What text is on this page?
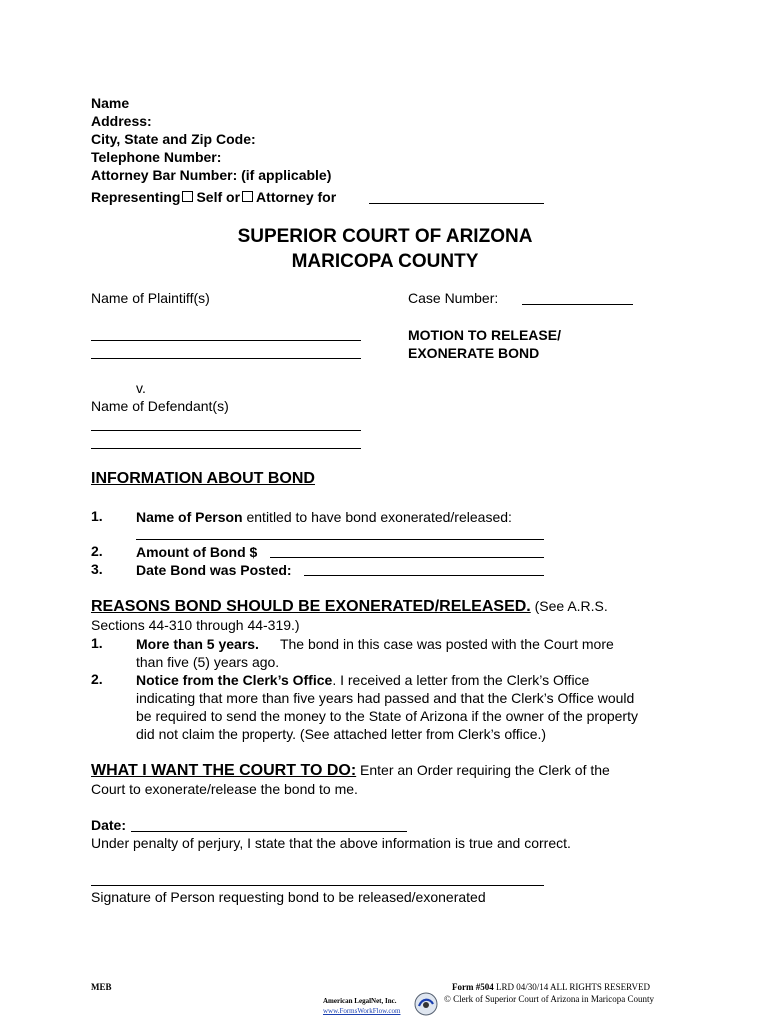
Name
Address:
City, State and Zip Code:
Telephone Number:
Attorney Bar Number: (if applicable)
Representing Self or Attorney for
SUPERIOR COURT OF ARIZONA
MARICOPA COUNTY
Name of Plaintiff(s)	Case Number:
MOTION TO RELEASE/
EXONERATE BOND
v.
Name of Defendant(s)
INFORMATION ABOUT BOND
1. Name of Person entitled to have bond exonerated/released:
2. Amount of Bond $
3. Date Bond was Posted:
REASONS BOND SHOULD BE EXONERATED/RELEASED. (See A.R.S.
Sections 44-310 through 44-319.)
1. More than 5 years. The bond in this case was posted with the Court more
than five (5) years ago.
2. Notice from the Clerk’s Office. I received a letter from the Clerk’s Office
indicating that more than five years had passed and that the Clerk’s Office would
be required to send the money to the State of Arizona if the owner of the property
did not claim the property. (See attached letter from Clerk’s office.)
WHAT I WANT THE COURT TO DO: Enter an Order requiring the Clerk of the
Court to exonerate/release the bond to me.
Date:
Under penalty of perjury, I state that the above information is true and correct.
Signature of Person requesting bond to be released/exonerated
MEB	Form #504 LRD 04/30/14 ALL RIGHTS RESERVED
© Clerk of Superior Court of Arizona in Maricopa County
American LegalNet, Inc.
www.FormsWorkFlow.com
